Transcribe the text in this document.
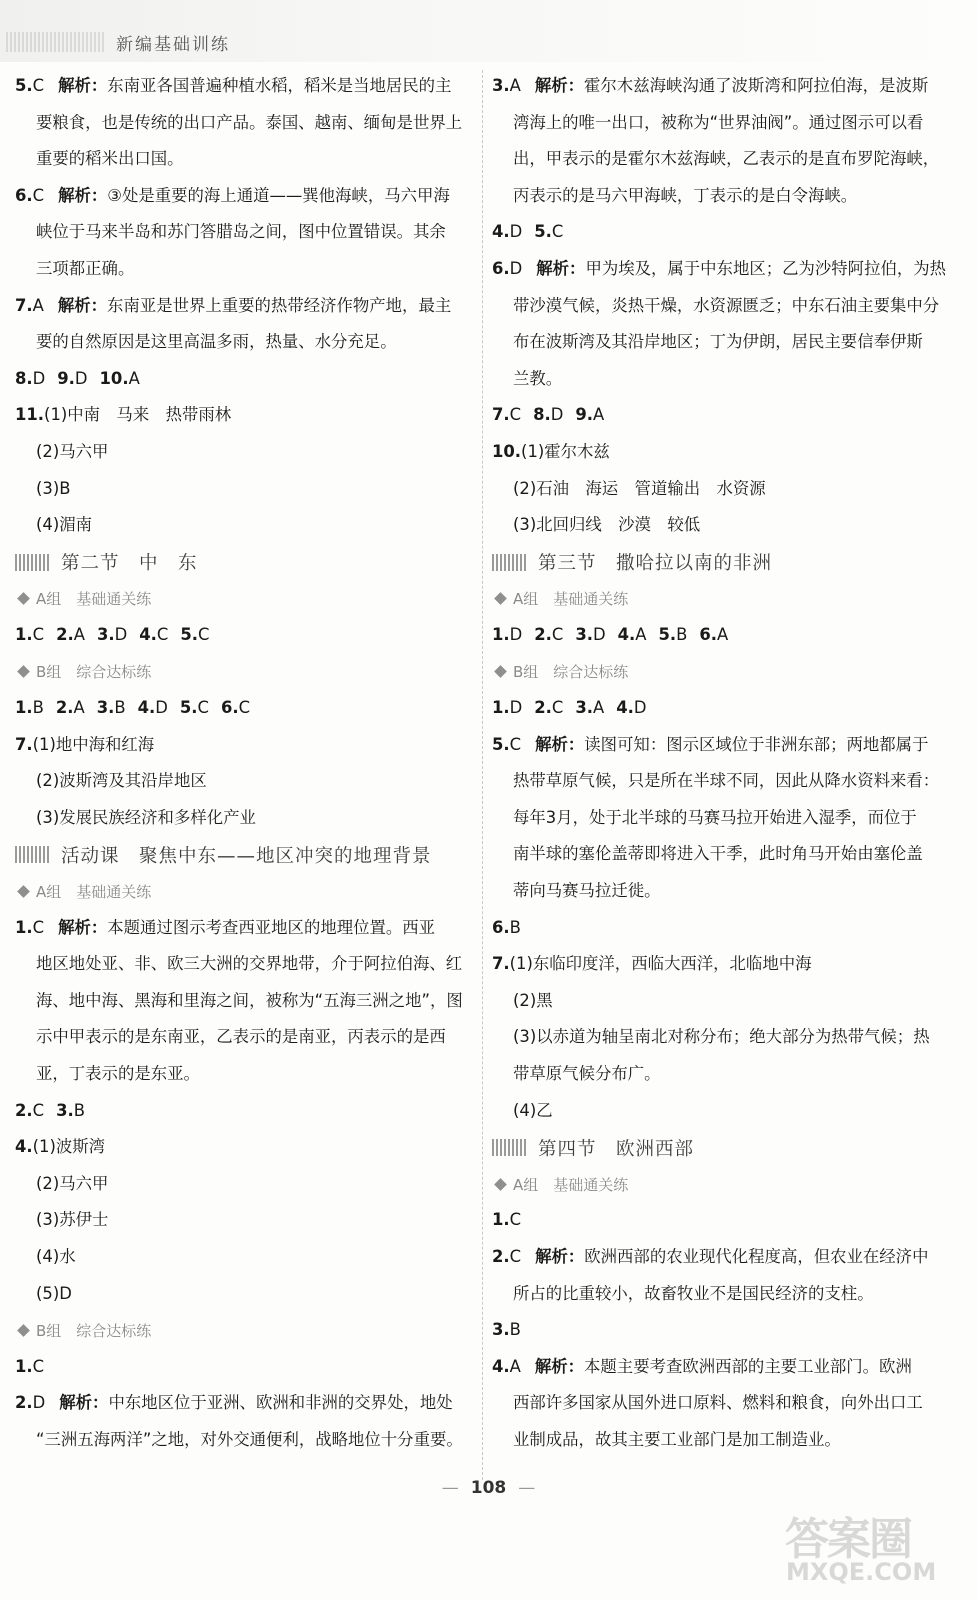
新编基础训练
5.C 解析：东南亚各国普遍种植水稻，稻米是当地居民的主
要粮食，也是传统的出口产品。泰国、越南、缅甸是世界上
重要的稻米出口国。
6.C 解析：③处是重要的海上通道——巽他海峡，马六甲海
峡位于马来半岛和苏门答腊岛之间，图中位置错误。其余
三项都正确。
7.A 解析：东南亚是世界上重要的热带经济作物产地，最主
要的自然原因是这里高温多雨，热量、水分充足。
8.D 9.D 10.A
11.(1)中南　马来　热带雨林
(2)马六甲
(3)B
(4)湄南
第二节　中　东
A组　基础通关练
1.C 2.A 3.D 4.C 5.C
B组　综合达标练
1.B 2.A 3.B 4.D 5.C 6.C
7.(1)地中海和红海
(2)波斯湾及其沿岸地区
(3)发展民族经济和多样化产业
活动课　聚焦中东——地区冲突的地理背景
A组　基础通关练
1.C 解析：本题通过图示考查西亚地区的地理位置。西亚
地区地处亚、非、欧三大洲的交界地带，介于阿拉伯海、红
海、地中海、黑海和里海之间，被称为“五海三洲之地”，图
示中甲表示的是东南亚，乙表示的是南亚，丙表示的是西
亚，丁表示的是东亚。
2.C 3.B
4.(1)波斯湾
(2)马六甲
(3)苏伊士
(4)水
(5)D
B组　综合达标练
1.C
2.D 解析：中东地区位于亚洲、欧洲和非洲的交界处，地处
“三洲五海两洋”之地，对外交通便利，战略地位十分重要。
3.A 解析：霍尔木兹海峡沟通了波斯湾和阿拉伯海，是波斯
湾海上的唯一出口，被称为“世界油阀”。通过图示可以看
出，甲表示的是霍尔木兹海峡，乙表示的是直布罗陀海峡，
丙表示的是马六甲海峡，丁表示的是白令海峡。
4.D 5.C
6.D 解析：甲为埃及，属于中东地区；乙为沙特阿拉伯，为热
带沙漠气候，炎热干燥，水资源匮乏；中东石油主要集中分
布在波斯湾及其沿岸地区；丁为伊朗，居民主要信奉伊斯
兰教。
7.C 8.D 9.A
10.(1)霍尔木兹
(2)石油　海运　管道输出　水资源
(3)北回归线　沙漠　较低
第三节　撒哈拉以南的非洲
A组　基础通关练
1.D 2.C 3.D 4.A 5.B 6.A
B组　综合达标练
1.D 2.C 3.A 4.D
5.C 解析：读图可知：图示区域位于非洲东部；两地都属于
热带草原气候，只是所在半球不同，因此从降水资料来看：
每年3月，处于北半球的马赛马拉开始进入湿季，而位于
南半球的塞伦盖蒂即将进入干季，此时角马开始由塞伦盖
蒂向马赛马拉迁徙。
6.B
7.(1)东临印度洋，西临大西洋，北临地中海
(2)黑
(3)以赤道为轴呈南北对称分布；绝大部分为热带气候；热
带草原气候分布广。
(4)乙
第四节　欧洲西部
A组　基础通关练
1.C
2.C 解析：欧洲西部的农业现代化程度高，但农业在经济中
所占的比重较小，故畜牧业不是国民经济的支柱。
3.B
4.A 解析：本题主要考查欧洲西部的主要工业部门。欧洲
西部许多国家从国外进口原料、燃料和粮食，向外出口工
业制成品，故其主要工业部门是加工制造业。
— 108 —
答案圈
MXQE.COM
